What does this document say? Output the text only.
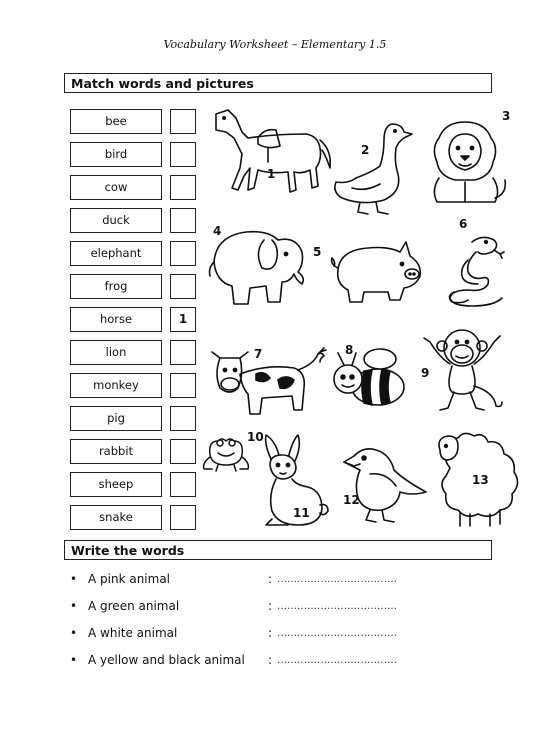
Vocabulary Worksheet – Elementary 1.5
Match words and pictures
bee
bird
cow
duck
elephant
frog
horse	1
lion
monkey
pig
rabbit
sheep
snake
1
2
3
4
5
6
7	8
9
10
11
12
13
Write the words
• A pink animal	: ………………………………
• A green animal	: ………………………………
• A white animal	: ………………………………
• A yellow and black animal : ………………………………
